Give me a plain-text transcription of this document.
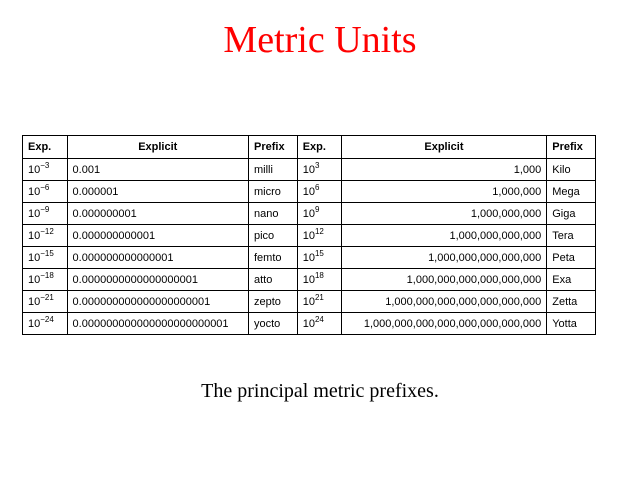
Metric Units
Exp.	Explicit	Prefix	Exp.	Explicit	Prefix
$10^{-3}$	0.001	milli	$10^3$	1,000	Kilo
$10^{-6}$	0.000001	micro	$10^6$	1,000,000	Mega
$10^{-9}$	0.000000001	nano	$10^9$	1,000,000,000	Giga
$10^{-12}$	0.000000000001	pico	$10^{12}$	1,000,000,000,000	Tera
$10^{-15}$	0.000000000000001	femto	$10^{15}$	1,000,000,000,000,000	Peta
$10^{-18}$	0.0000000000000000001	atto	$10^{18}$	1,000,000,000,000,000,000	Exa
$10^{-21}$	0.000000000000000000001	zepto	$10^{21}$	1,000,000,000,000,000,000,000	Zetta
$10^{-24}$	0.000000000000000000000001	yocto	$10^{24}$	1,000,000,000,000,000,000,000,000	Yotta
The principal metric prefixes.
